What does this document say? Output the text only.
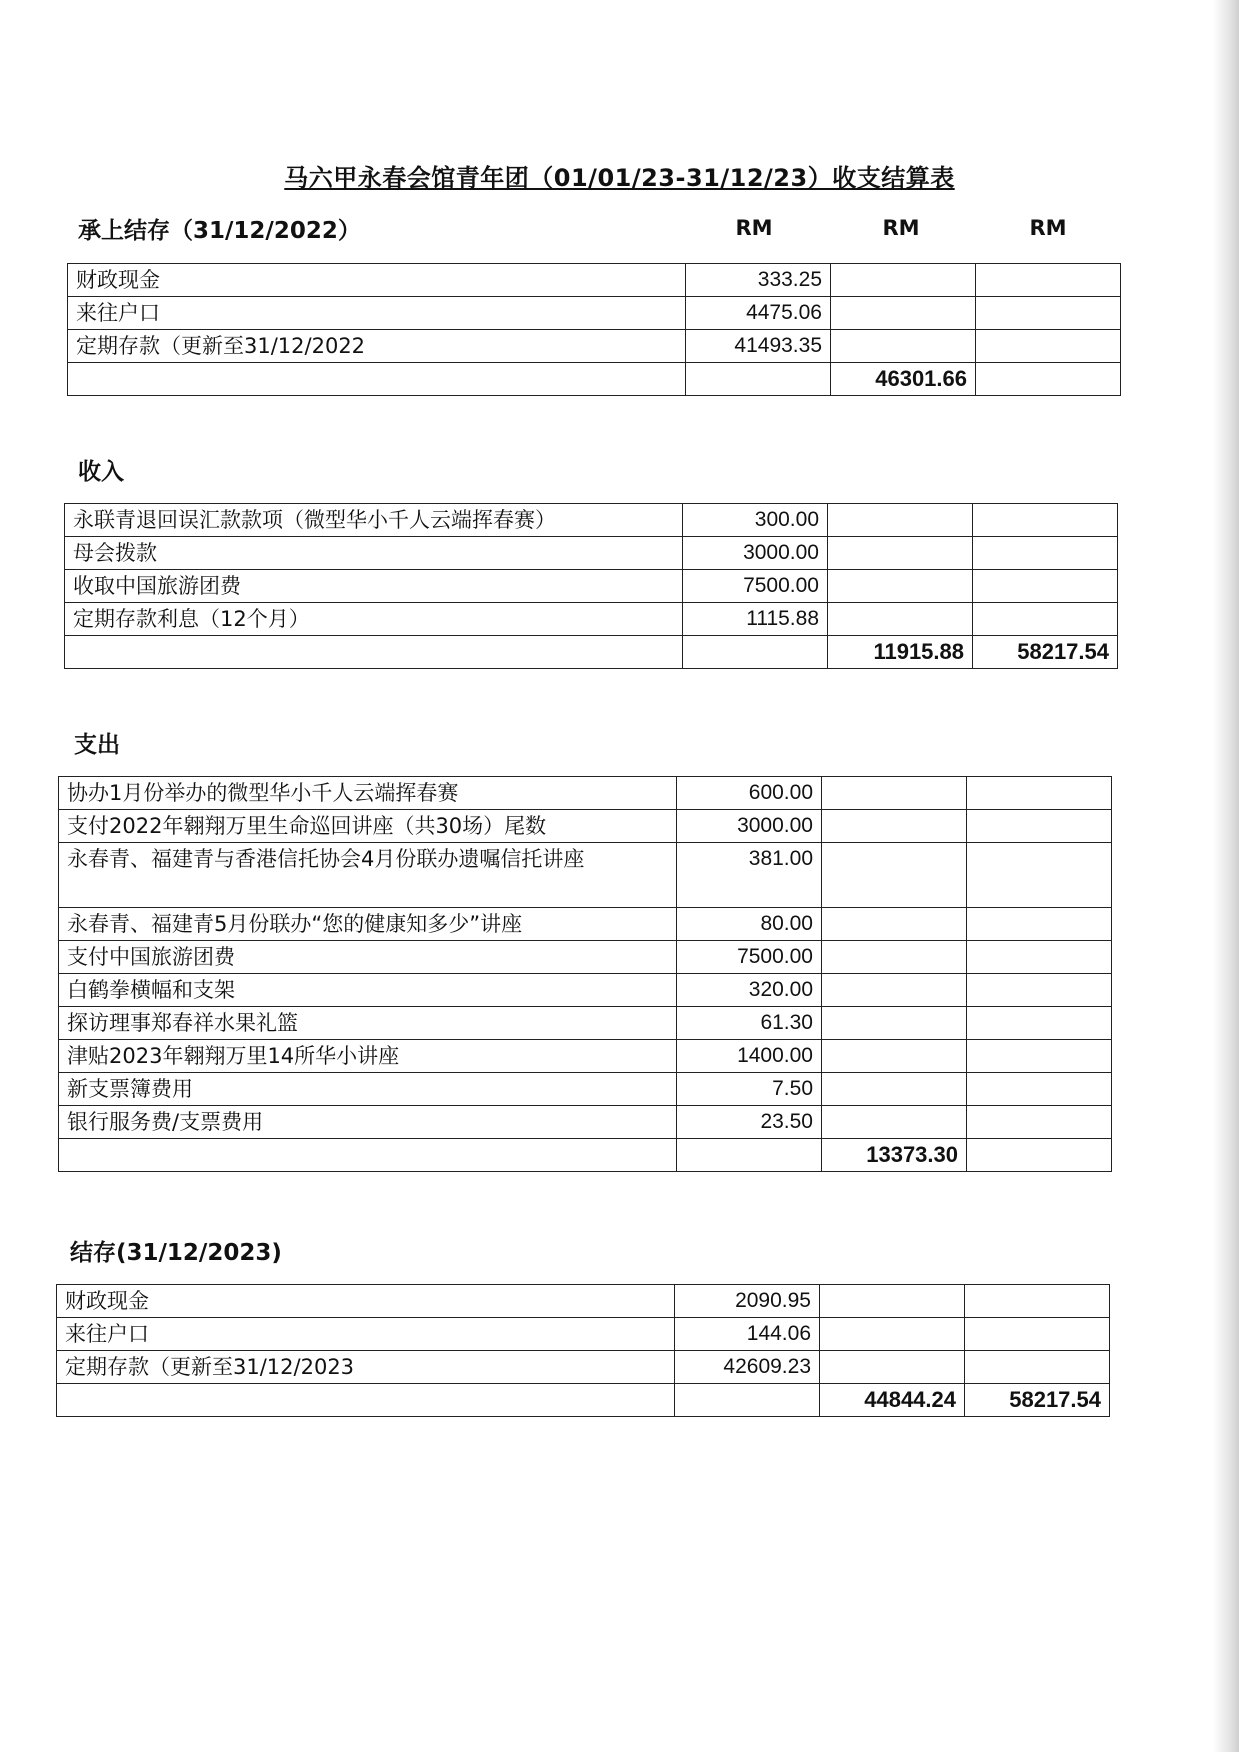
马六甲永春会馆青年团（01/01/23-31/12/23）收支结算表
承上结存（31/12/2022）	RM	RM	RM
财政现金	333.25		
来往户口	4475.06		
定期存款（更新至31/12/2022	41493.35		
		46301.66	
收入
永联青退回误汇款款项（微型华小千人云端挥春赛）	300.00		
母会拨款	3000.00		
收取中国旅游团费	7500.00		
定期存款利息（12个月）	1115.88		
		11915.88	58217.54
支出
协办1月份举办的微型华小千人云端挥春赛	600.00		
支付2022年翱翔万里生命巡回讲座（共30场）尾数	3000.00		
永春青、福建青与香港信托协会4月份联办遗嘱信托讲座	381.00		
永春青、福建青5月份联办“您的健康知多少”讲座	80.00		
支付中国旅游团费	7500.00		
白鹤拳横幅和支架	320.00		
探访理事郑春祥水果礼篮	61.30		
津贴2023年翱翔万里14所华小讲座	1400.00		
新支票簿费用	7.50		
银行服务费/支票费用	23.50		
		13373.30	
结存(31/12/2023)
财政现金	2090.95		
来往户口	144.06		
定期存款（更新至31/12/2023	42609.23		
		44844.24	58217.54
